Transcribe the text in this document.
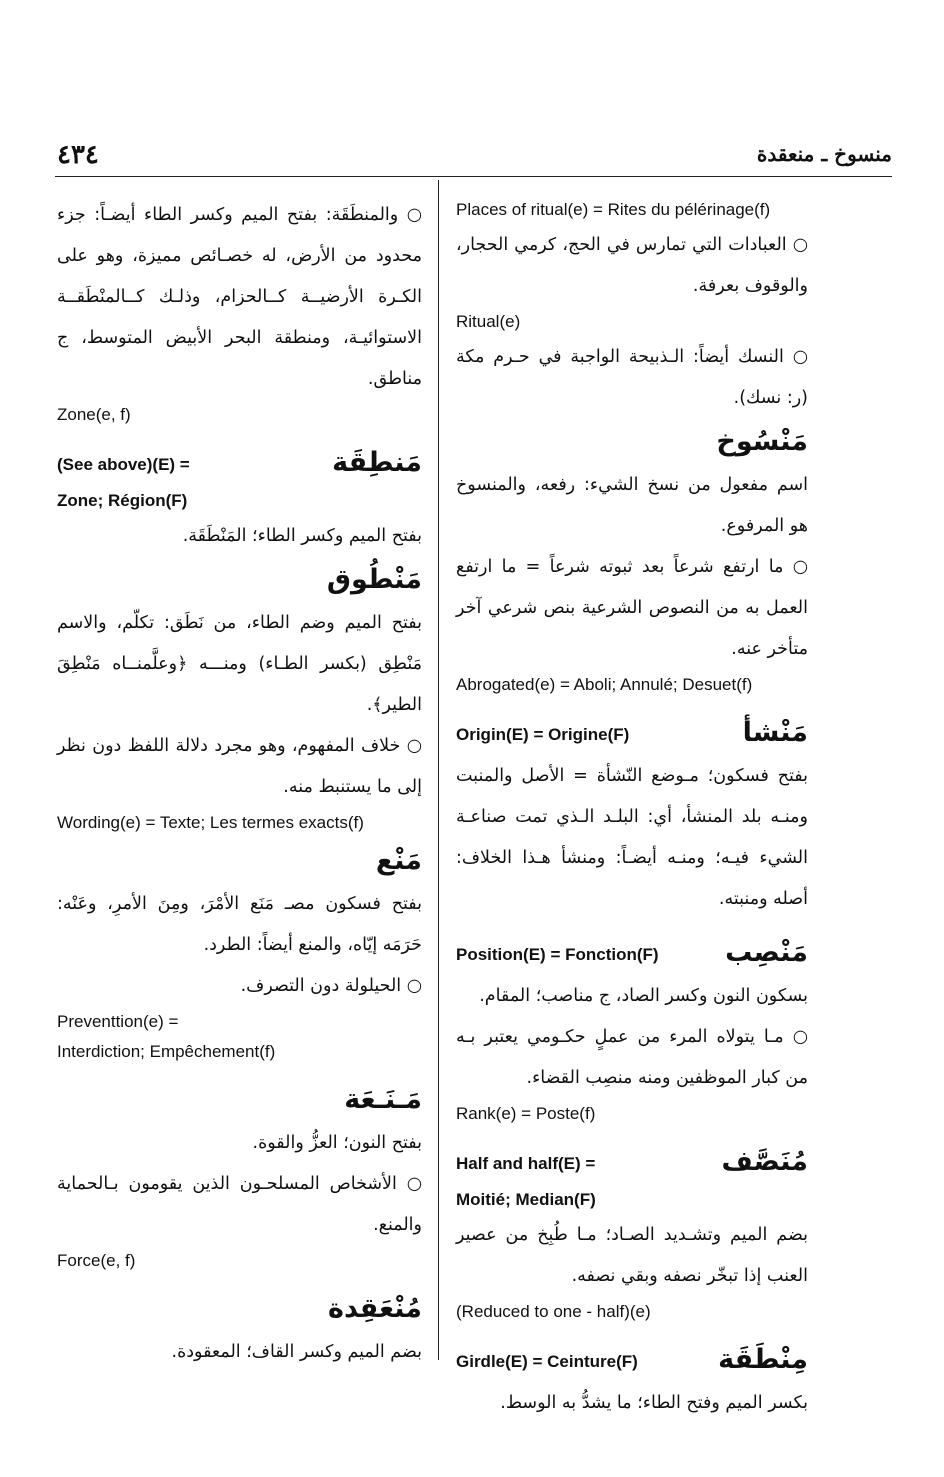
٤٣٤	منسوخ ـ منعقدة

Places of ritual(e) = Rites du pélérinage(f)

○ العبادات التي تمارس في الحج، كرمي الحجار، والوقوف بعرفة.

Ritual(e)

○ النسك أيضاً: الـذبيحة الواجبة في حـرم مكة (ر: نسك).

مَنْسُوخ

اسم مفعول من نسخ الشيء: رفعه، والمنسوخ هو المرفوع.

○ ما ارتفع شرعاً بعد ثبوته شرعاً = ما ارتفع العمل به من النصوص الشرعية بنص شرعي آخر متأخر عنه.

Abrogated(e) = Aboli; Annulé; Desuet(f)

مَنْشأ

Origin(E) = Origine(F)

بفتح فسكون؛ مـوضع النّشأة = الأصل والمنبت ومنـه بلد المنشأ، أي: البلـد الـذي تمت صناعـة الشيء فيـه؛ ومنـه أيضـاً: ومنشأ هـذا الخلاف: أصله ومنبته.

مَنْصِب

Position(E) = Fonction(F)

بسكون النون وكسر الصاد، ج مناصب؛ المقام.

○ مـا يتولاه المرء من عملٍ حكـومي يعتبر بـه من كبار الموظفين ومنه منصِب القضاء.

Rank(e) = Poste(f)

مُنَصَّف

Half and half(E) =

Moitié; Median(F)

بضم الميم وتشـديد الصـاد؛ مـا طُبِخ من عصير العنب إذا تبخّر نصفه وبقي نصفه.

(Reduced to one - half)(e)

مِنْطَقَة

Girdle(E) = Ceinture(F)

بكسر الميم وفتح الطاء؛ ما يشدُّ به الوسط.

○ والمنطَقَة: بفتح الميم وكسر الطاء أيضـاً: جزء محدود من الأرض، له خصـائص مميزة، وهو على الكـرة الأرضيــة كــالحزام، وذلـك كــالمنْطَقــة الاستوائيـة، ومنطقة البحر الأبيض المتوسط، ج مناطق.

Zone(e, f)

مَنطِقَة

(See above)(E) =

Zone; Région(F)

بفتح الميم وكسر الطاء؛ المَنْطَقَة.

مَنْطُوق

بفتح الميم وضم الطاء، من نَطَق: تكلّم، والاسم مَنْطِق (بكسر الطـاء) ومنـــه ﴿وعلَّمنــاه مَنْطِقَ الطير﴾.

○ خلاف المفهوم، وهو مجرد دلالة اللفظ دون نظر إلى ما يستنبط منه.

Wording(e) = Texte; Les termes exacts(f)

مَنْع

بفتح فسكون مصـ مَنَع الأمْرَ، ومِنَ الأمرِ، وعَنْه: حَرَمَه إيّاه، والمنع أيضاً: الطرد.

○ الحيلولة دون التصرف.

Preventtion(e) =

Interdiction; Empêchement(f)

مَـنَـعَة

بفتح النون؛ العزُّ والقوة.

○ الأشخاص المسلحـون الذين يقومون بـالحماية والمنع.

Force(e, f)

مُنْعَقِدة

بضم الميم وكسر القاف؛ المعقودة.
